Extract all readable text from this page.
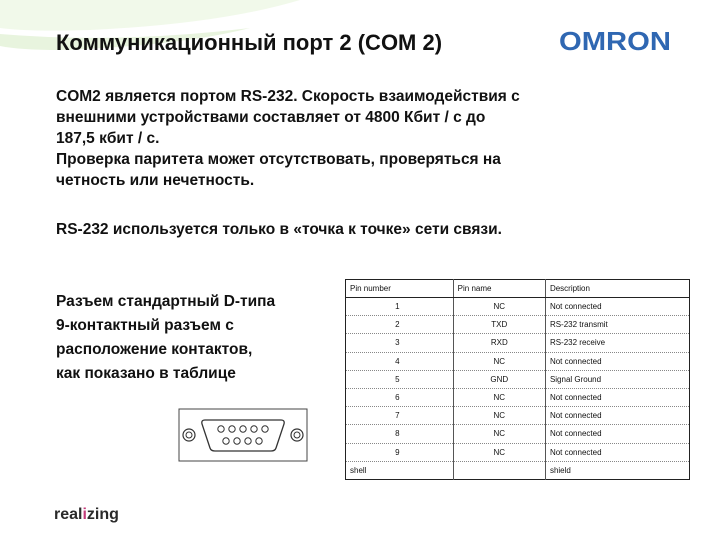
Коммуникационный порт 2 (COM 2)	OMRON

COM2 является портом RS-232. Скорость взаимодействия с

внешними устройствами составляет от 4800 Кбит / с до

187,5 кбит / с.

Проверка паритета может отсутствовать, проверяться на

четность или нечетность.

RS-232 используется только в «точка к точке» сети связи.

Разъем стандартный D-типа

9-контактный разъем с

расположение контактов,

как показано в таблице

Pin number	Pin name	Description
1	NC	Not connected
2	TXD	RS-232 transmit
3	RXD	RS-232 receive
4	NC	Not connected
5	GND	Signal Ground
6	NC	Not connected
7	NC	Not connected
8	NC	Not connected
9	NC	Not connected
shell		shield
realizing
